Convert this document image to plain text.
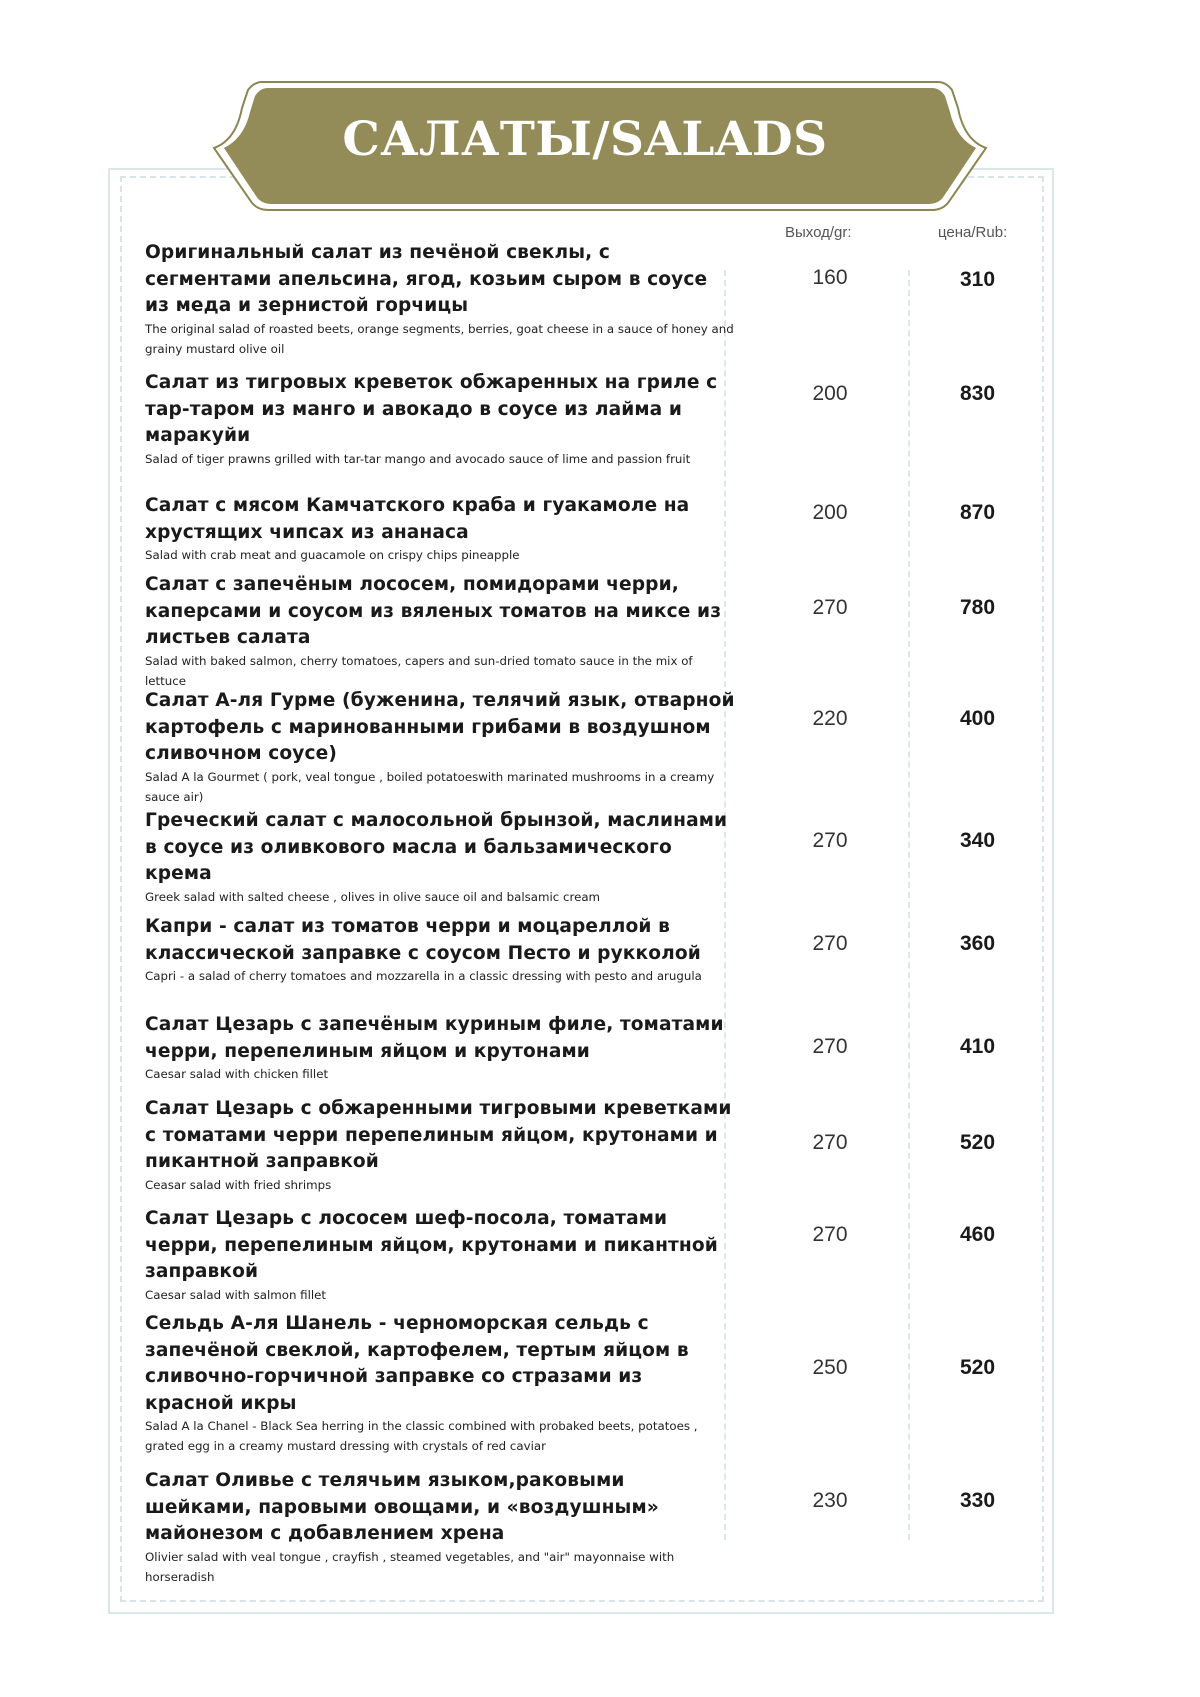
САЛАТЫ/SALADS
Выход/gr:	цена/Rub:
Оригинальный салат из печёной свеклы, с сегментами апельсина, ягод, козьим сыром в соусе из меда и зернистой горчицы
The original salad of roasted beets, orange segments, berries, goat cheese in a sauce of honey and grainy mustard olive oil
160	310
Салат из тигровых креветок обжаренных на гриле с тар-таром из манго и авокадо в соусе из лайма и маракуйи
Salad of tiger prawns grilled with tar-tar mango and avocado sauce of lime and passion fruit
200	830
Салат с мясом Камчатского краба и гуакамоле на хрустящих чипсах из ананаса
Salad with crab meat and guacamole on crispy chips pineapple
200	870
Салат с запечёным лососем, помидорами черри, каперсами и соусом из вяленых томатов на миксе из листьев салата
Salad with baked salmon, cherry tomatoes, capers and sun-dried tomato sauce in the mix of lettuce
270	780
Салат А-ля Гурме (буженина, телячий язык, отварной картофель с маринованными грибами в воздушном сливочном соусе)
Salad A la Gourmet ( pork, veal tongue , boiled potatoeswith marinated mushrooms in a creamy sauce air)
220	400
Греческий салат с малосольной брынзой, маслинами в соусе из оливкового масла и бальзамического крема
Greek salad with salted cheese , olives in olive sauce oil and balsamic cream
270	340
Капри - салат из томатов черри и моцареллой в классической заправке с соусом Песто и рукколой
Capri - a salad of cherry tomatoes and mozzarella in a classic dressing with pesto and arugula
270	360
Салат Цезарь с запечёным куриным филе, томатами черри, перепелиным яйцом и крутонами
Caesar salad with chicken fillet
270	410
Салат Цезарь с обжаренными тигровыми креветками с томатами черри перепелиным яйцом, крутонами и пикантной заправкой
Ceasar salad with fried shrimps
270	520
Салат Цезарь с лососем шеф-посола, томатами черри, перепелиным яйцом, крутонами и пикантной заправкой
Caesar salad with salmon fillet
270	460
Сельдь А-ля Шанель - черноморская сельдь с запечёной свеклой, картофелем, тертым яйцом в сливочно-горчичной заправке со стразами из красной икры
Salad A la Chanel - Black Sea herring in the classic combined with probaked beets, potatoes , grated egg in a creamy mustard dressing with crystals of red caviar
250	520
Салат Оливье с телячьим языком,раковыми шейками, паровыми овощами, и «воздушным» майонезом с добавлением хрена
Olivier salad with veal tongue , crayfish , steamed vegetables, and "air" mayonnaise with horseradish
230	330
